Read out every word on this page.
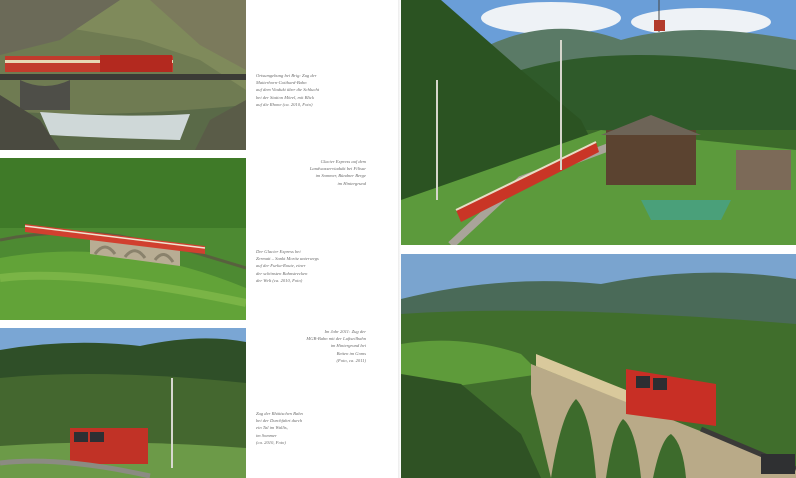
Ortsumgebung bei Brig: Zug der Matterhorn-Gotthard-Bahn
auf dem Viadukt über die Schlucht
bei der Station Mörel, mit Blick
auf die Rhone (ca. 2010, Foto)
Glacier Express auf dem
Landwasserviadukt bei Filisur
im Sommer, Bündner Berge
im Hintergrund
Der Glacier Express bei
Zermatt – Sankt Moritz unterwegs
auf der Furka-Route, einer
der schönsten Bahnstrecken
der Welt (ca. 2010, Foto)
Im Jahr 2011: Zug der
MGB-Bahn mit der Luftseilbahn
im Hintergrund bei
Betten im Goms
(Foto, ca. 2011)
Zug der Rhätischen Bahn
bei der Durchfahrt durch
ein Tal im Wallis,
im Sommer
(ca. 2010, Foto)
